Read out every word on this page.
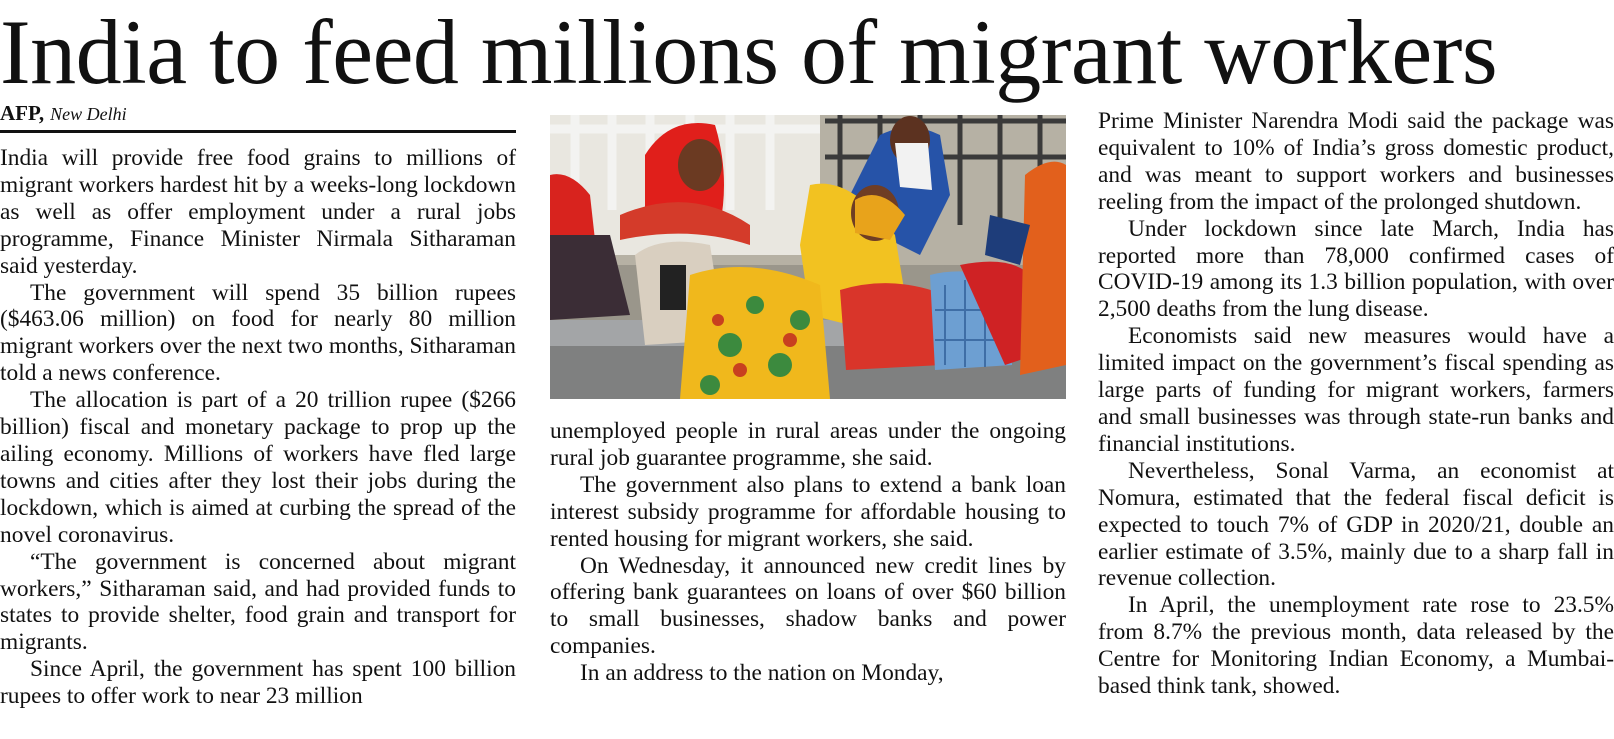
India to feed millions of migrant workers
AFP, New Delhi

India will provide free food grains to millions of migrant workers hardest hit by a weeks-long lockdown as well as offer employment under a rural jobs programme, Finance Minister Nirmala Sitharaman said yesterday.

The government will spend 35 billion rupees ($463.06 million) on food for nearly 80 million migrant workers over the next two months, Sitharaman told a news conference.

The allocation is part of a 20 trillion rupee ($266 billion) fiscal and monetary package to prop up the ailing economy. Millions of workers have fled large towns and cities after they lost their jobs during the lockdown, which is aimed at curbing the spread of the novel coronavirus.

“The government is concerned about migrant workers,” Sitharaman said, and had provided funds to states to provide shelter, food grain and transport for migrants.

Since April, the government has spent 100 billion rupees to offer work to near 23 million

unemployed people in rural areas under the ongoing rural job guarantee programme, she said.

The government also plans to extend a bank loan interest subsidy programme for affordable housing to rented housing for migrant workers, she said.

On Wednesday, it announced new credit lines by offering bank guarantees on loans of over $60 billion to small businesses, shadow banks and power companies.

In an address to the nation on Monday,

Prime Minister Narendra Modi said the package was equivalent to 10% of India’s gross domestic product, and was meant to support workers and businesses reeling from the impact of the prolonged shutdown.

Under lockdown since late March, India has reported more than 78,000 confirmed cases of COVID-19 among its 1.3 billion population, with over 2,500 deaths from the lung disease.

Economists said new measures would have a limited impact on the government’s fiscal spending as large parts of funding for migrant workers, farmers and small businesses was through state-run banks and financial institutions.

Nevertheless, Sonal Varma, an economist at Nomura, estimated that the federal fiscal deficit is expected to touch 7% of GDP in 2020/21, double an earlier estimate of 3.5%, mainly due to a sharp fall in revenue collection.

In April, the unemployment rate rose to 23.5% from 8.7% the previous month, data released by the Centre for Monitoring Indian Economy, a Mumbai-based think tank, showed.
